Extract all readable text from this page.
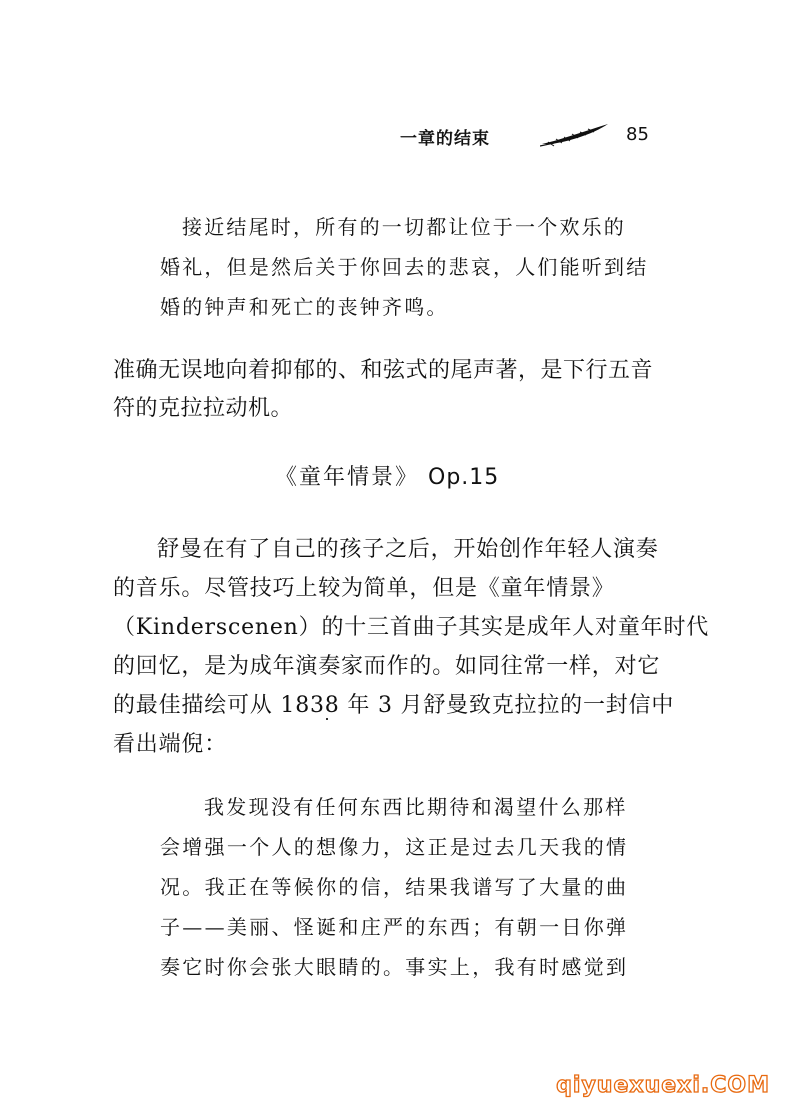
一章的结束	85
接近结尾时，所有的一切都让位于一个欢乐的
婚礼，但是然后关于你回去的悲哀，人们能听到结
婚的钟声和死亡的丧钟齐鸣。
准确无误地向着抑郁的、和弦式的尾声著，是下行五音
符的克拉拉动机。
《童年情景》 Op.15
舒曼在有了自己的孩子之后，开始创作年轻人演奏
的音乐。尽管技巧上较为简单，但是《童年情景》
（Kinderscenen）的十三首曲子其实是成年人对童年时代
的回忆，是为成年演奏家而作的。如同往常一样，对它
的最佳描绘可从 1838 年 3 月舒曼致克拉拉的一封信中
看出端倪：
我发现没有任何东西比期待和渴望什么那样
会增强一个人的想像力，这正是过去几天我的情
况。我正在等候你的信，结果我谱写了大量的曲
子——美丽、怪诞和庄严的东西；有朝一日你弹
奏它时你会张大眼睛的。事实上，我有时感觉到
qiyuexuexi.COM
